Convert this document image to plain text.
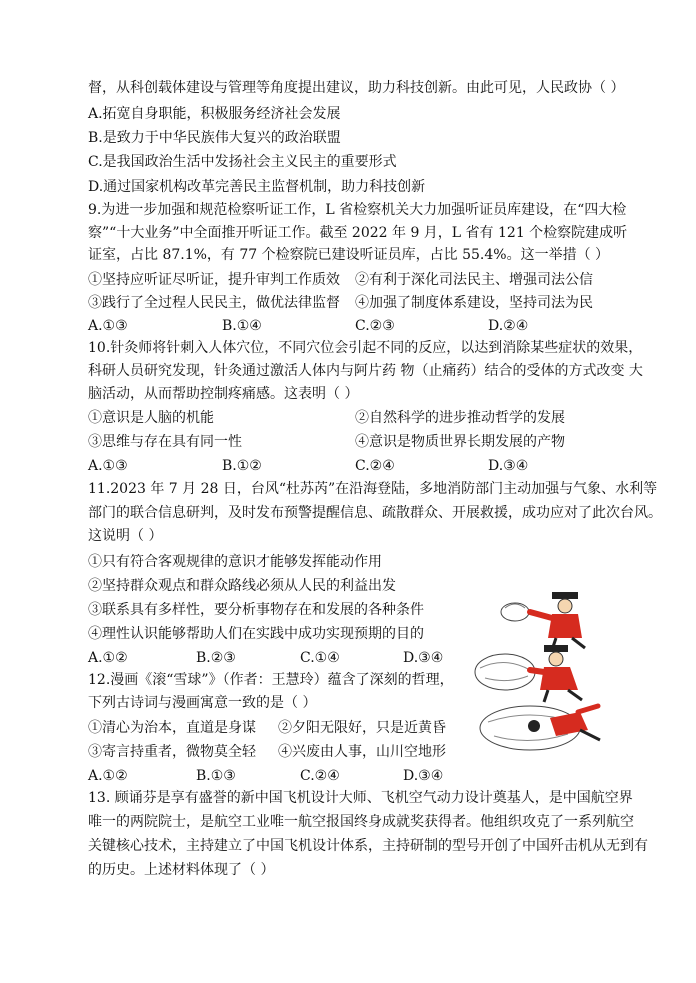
督，从科创载体建设与管理等角度提出建议，助力科技创新。由此可见，人民政协（ ）
A.拓宽自身职能，积极服务经济社会发展
B.是致力于中华民族伟大复兴的政治联盟
C.是我国政治生活中发扬社会主义民主的重要形式
D.通过国家机构改革完善民主监督机制，助力科技创新
9.为进一步加强和规范检察听证工作，L 省检察机关大力加强听证员库建设，在“四大检
察”“十大业务”中全面推开听证工作。截至 2022 年 9 月，L 省有 121 个检察院建成听
证室，占比 87.1%，有 77 个检察院已建设听证员库，占比 55.4%。这一举措（ ）
①坚持应听证尽听证，提升审判工作质效 ②有利于深化司法民主、增强司法公信
③践行了全过程人民民主，做优法律监督 ④加强了制度体系建设，坚持司法为民
A.①③	B.①④	C.②③	D.②④
10.针灸师将针刺入人体穴位，不同穴位会引起不同的反应，以达到消除某些症状的效果，
科研人员研究发现，针灸通过激活人体内与阿片药 物（止痛药）结合的受体的方式改变 大
脑活动，从而帮助控制疼痛感。这表明（ ）
①意识是人脑的机能	②自然科学的进步推动哲学的发展
③思维与存在具有同一性	④意识是物质世界长期发展的产物
A.①③	B.①②	C.②④	D.③④
11.2023 年 7 月 28 日，台风“杜苏芮”在沿海登陆，多地消防部门主动加强与气象、水利等
部门的联合信息研判，及时发布预警提醒信息、疏散群众、开展救援，成功应对了此次台风。
这说明（ ）
①只有符合客观规律的意识才能够发挥能动作用
②坚持群众观点和群众路线必须从人民的利益出发
③联系具有多样性，要分析事物存在和发展的各种条件
④理性认识能够帮助人们在实践中成功实现预期的目的
A.①②	B.②③	C.①④	D.③④
12.漫画《滚“雪球”》（作者：王慧玲）蕴含了深刻的哲理，
下列古诗词与漫画寓意一致的是（ ）
①清心为治本，直道是身谋 ②夕阳无限好，只是近黄昏
③寄言持重者，微物莫全轻 ④兴废由人事，山川空地形
A.①②	B.①③	C.②④	D.③④
13. 顾诵芬是享有盛誉的新中国飞机设计大师、飞机空气动力设计奠基人，是中国航空界
唯一的两院院士，是航空工业唯一航空报国终身成就奖获得者。他组织攻克了一系列航空
关键核心技术，主持建立了中国飞机设计体系，主持研制的型号开创了中国歼击机从无到有
的历史。上述材料体现了（ ）
